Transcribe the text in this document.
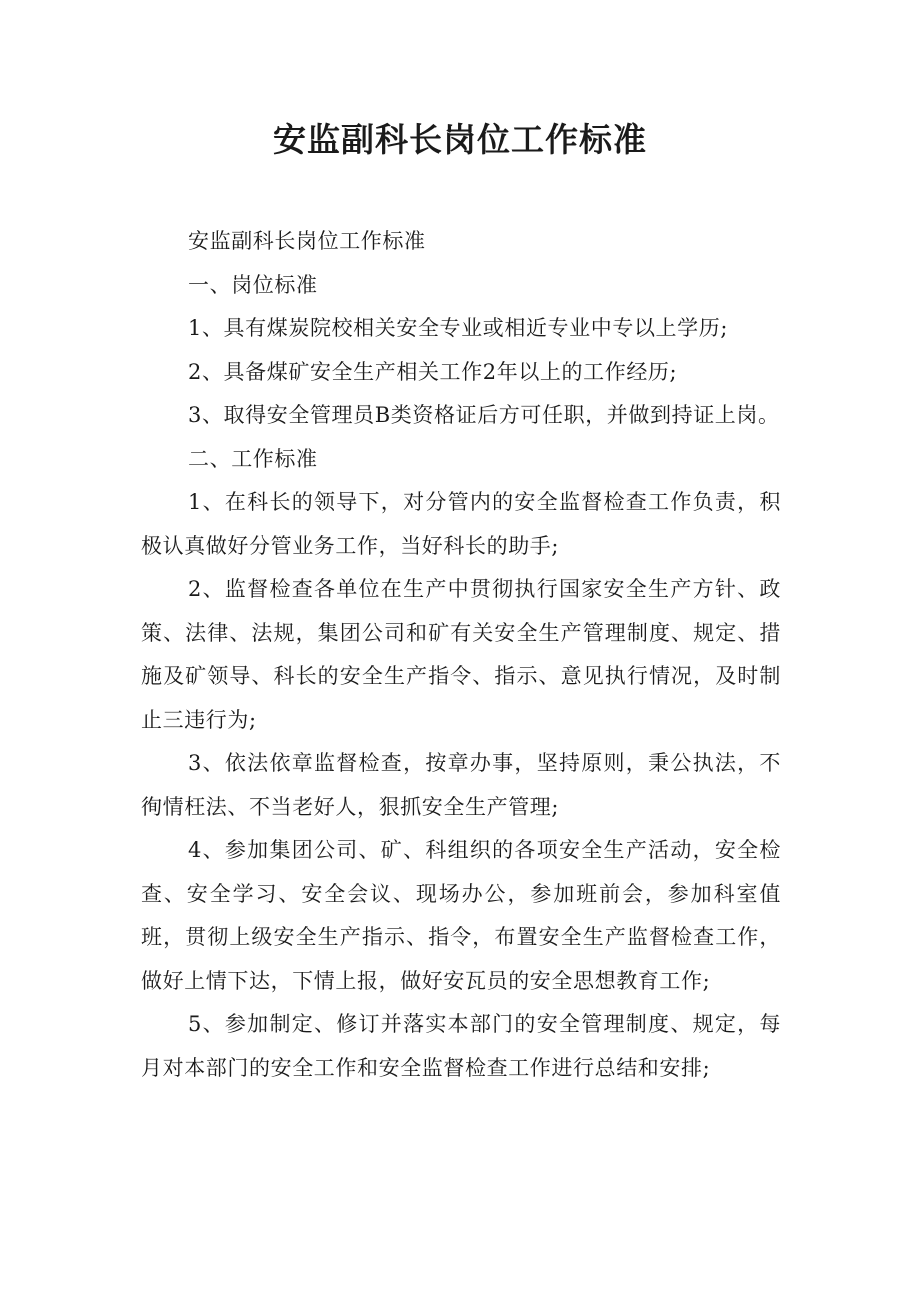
安监副科长岗位工作标准

安监副科长岗位工作标准

一、岗位标准

1、具有煤炭院校相关安全专业或相近专业中专以上学历;

2、具备煤矿安全生产相关工作2年以上的工作经历;

3、取得安全管理员B类资格证后方可任职，并做到持证上岗。

二、工作标准

1、在科长的领导下，对分管内的安全监督检查工作负责，积极认真做好分管业务工作，当好科长的助手;

2、监督检查各单位在生产中贯彻执行国家安全生产方针、政策、法律、法规，集团公司和矿有关安全生产管理制度、规定、措施及矿领导、科长的安全生产指令、指示、意见执行情况，及时制止三违行为;

3、依法依章监督检查，按章办事，坚持原则，秉公执法，不徇情枉法、不当老好人，狠抓安全生产管理;

4、参加集团公司、矿、科组织的各项安全生产活动，安全检查、安全学习、安全会议、现场办公，参加班前会，参加科室值班，贯彻上级安全生产指示、指令，布置安全生产监督检查工作，做好上情下达，下情上报，做好安瓦员的安全思想教育工作;

5、参加制定、修订并落实本部门的安全管理制度、规定，每月对本部门的安全工作和安全监督检查工作进行总结和安排;
